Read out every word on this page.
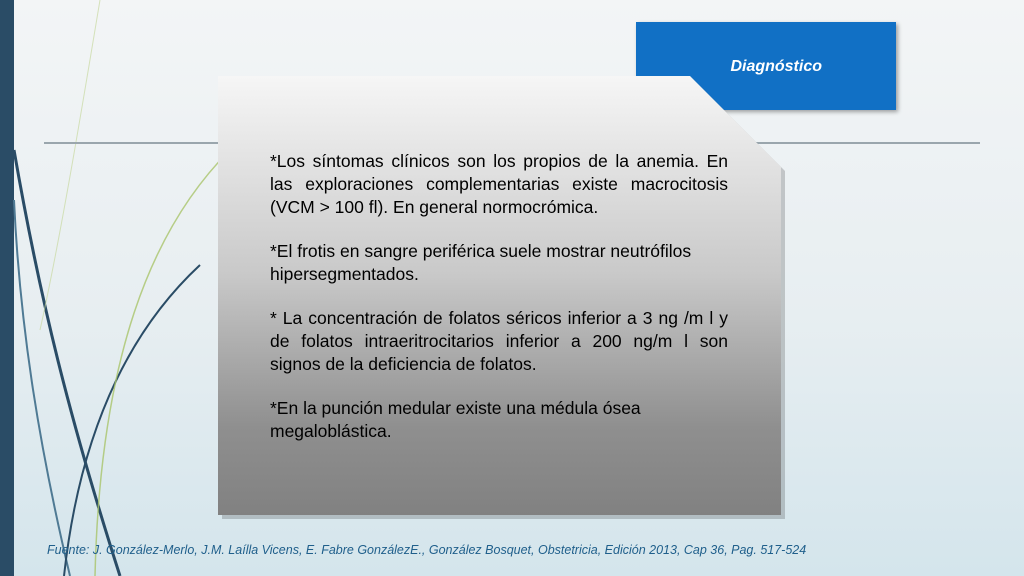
Diagnóstico

*Los síntomas clínicos son los propios de la anemia. En las exploraciones complementarias existe macrocitosis (VCM > 100 fl). En general normocrómica.

*El frotis en sangre periférica suele mostrar neutrófilos hipersegmentados.

* La concentración de folatos séricos inferior a 3 ng /m l y de folatos intraeritrocitarios inferior a 200 ng/m l son signos de la deficiencia de folatos.

*En la punción medular existe una médula ósea megaloblástica.

Fuente: J. González-Merlo, J.M. Laílla Vicens, E. Fabre GonzálezE., González Bosquet, Obstetricia, Edición 2013, Cap 36, Pag. 517-524
